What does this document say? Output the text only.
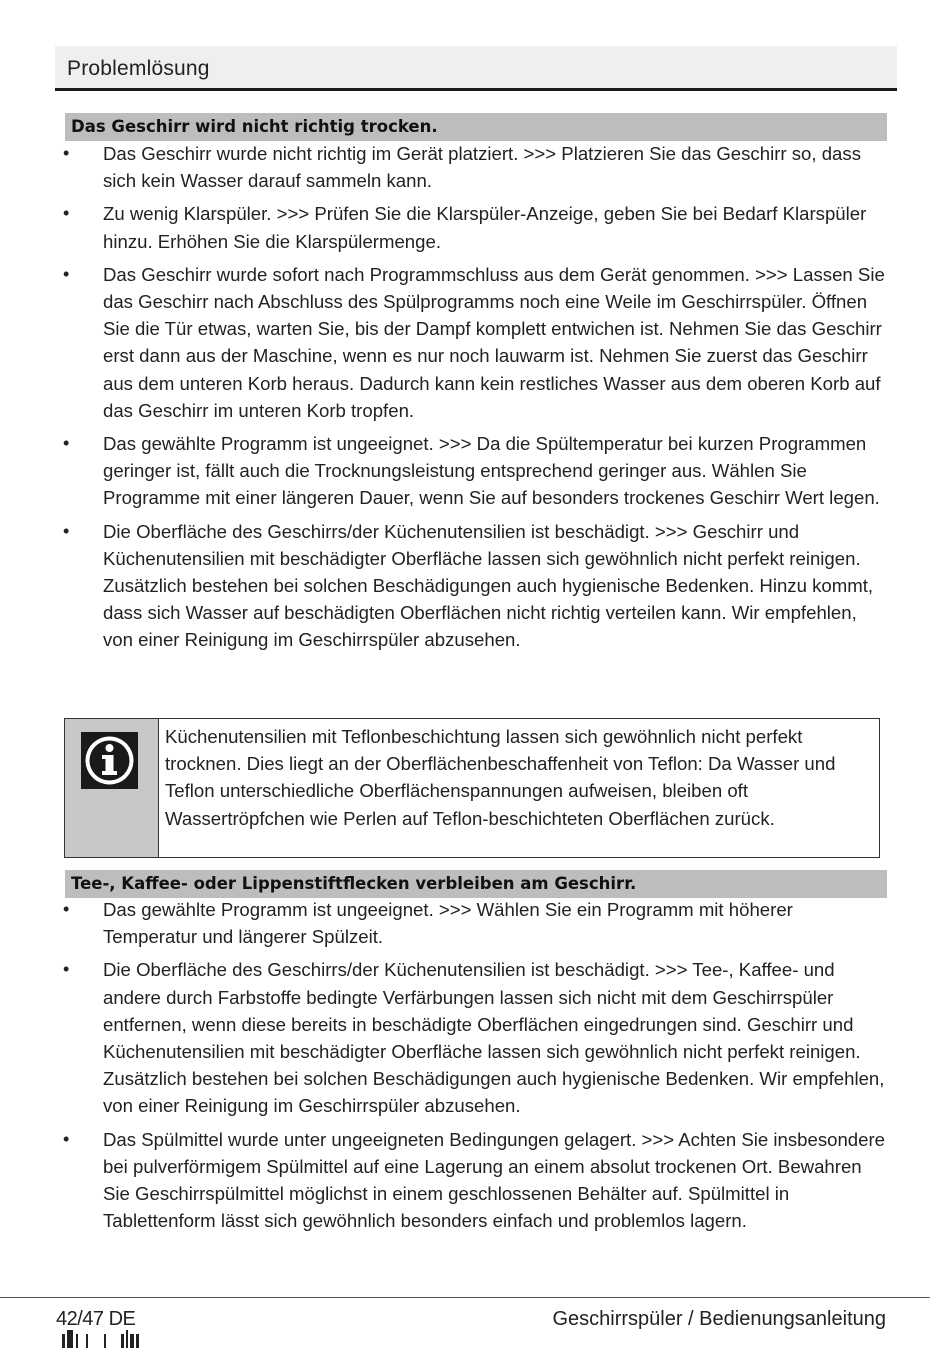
Problemlösung
Das Geschirr wird nicht richtig trocken.
• Das Geschirr wurde nicht richtig im Gerät platziert. >>> Platzieren Sie das Geschirr so, dass sich kein Wasser darauf sammeln kann.
• Zu wenig Klarspüler. >>> Prüfen Sie die Klarspüler-Anzeige, geben Sie bei Bedarf Klarspüler hinzu. Erhöhen Sie die Klarspülermenge.
• Das Geschirr wurde sofort nach Programmschluss aus dem Gerät genommen. >>> Lassen Sie das Geschirr nach Abschluss des Spülprogramms noch eine Weile im Geschirrspüler. Öffnen Sie die Tür etwas, warten Sie, bis der Dampf komplett entwichen ist. Nehmen Sie das Geschirr erst dann aus der Maschine, wenn es nur noch lauwarm ist. Nehmen Sie zuerst das Geschirr aus dem unteren Korb heraus. Dadurch kann kein restliches Wasser aus dem oberen Korb auf das Geschirr im unteren Korb tropfen.
• Das gewählte Programm ist ungeeignet. >>> Da die Spültemperatur bei kurzen Programmen geringer ist, fällt auch die Trocknungsleistung entsprechend geringer aus. Wählen Sie Programme mit einer längeren Dauer, wenn Sie auf besonders trockenes Geschirr Wert legen.
• Die Oberfläche des Geschirrs/der Küchenutensilien ist beschädigt. >>> Geschirr und Küchenutensilien mit beschädigter Oberfläche lassen sich gewöhnlich nicht perfekt reinigen. Zusätzlich bestehen bei solchen Beschädigungen auch hygienische Bedenken. Hinzu kommt, dass sich Wasser auf beschädigten Oberflächen nicht richtig verteilen kann. Wir empfehlen, von einer Reinigung im Geschirrspüler abzusehen.
Küchenutensilien mit Teflonbeschichtung lassen sich gewöhnlich nicht perfekt trocknen. Dies liegt an der Oberflächenbeschaffenheit von Teflon: Da Wasser und Teflon unterschiedliche Oberflächenspannungen aufweisen, bleiben oft Wassertröpfchen wie Perlen auf Teflon-beschichteten Oberflächen zurück.
Tee-, Kaffee- oder Lippenstiftflecken verbleiben am Geschirr.
• Das gewählte Programm ist ungeeignet. >>> Wählen Sie ein Programm mit höherer Temperatur und längerer Spülzeit.
• Die Oberfläche des Geschirrs/der Küchenutensilien ist beschädigt. >>> Tee-, Kaffee- und andere durch Farbstoffe bedingte Verfärbungen lassen sich nicht mit dem Geschirrspüler entfernen, wenn diese bereits in beschädigte Oberflächen eingedrungen sind. Geschirr und Küchenutensilien mit beschädigter Oberfläche lassen sich gewöhnlich nicht perfekt reinigen. Zusätzlich bestehen bei solchen Beschädigungen auch hygienische Bedenken. Wir empfehlen, von einer Reinigung im Geschirrspüler abzusehen.
• Das Spülmittel wurde unter ungeeigneten Bedingungen gelagert. >>> Achten Sie insbesondere bei pulverförmigem Spülmittel auf eine Lagerung an einem absolut trockenen Ort. Bewahren Sie Geschirrspülmittel möglichst in einem geschlossenen Behälter auf. Spülmittel in Tablettenform lässt sich gewöhnlich besonders einfach und problemlos lagern.
42/47 DE	Geschirrspüler / Bedienungsanleitung
